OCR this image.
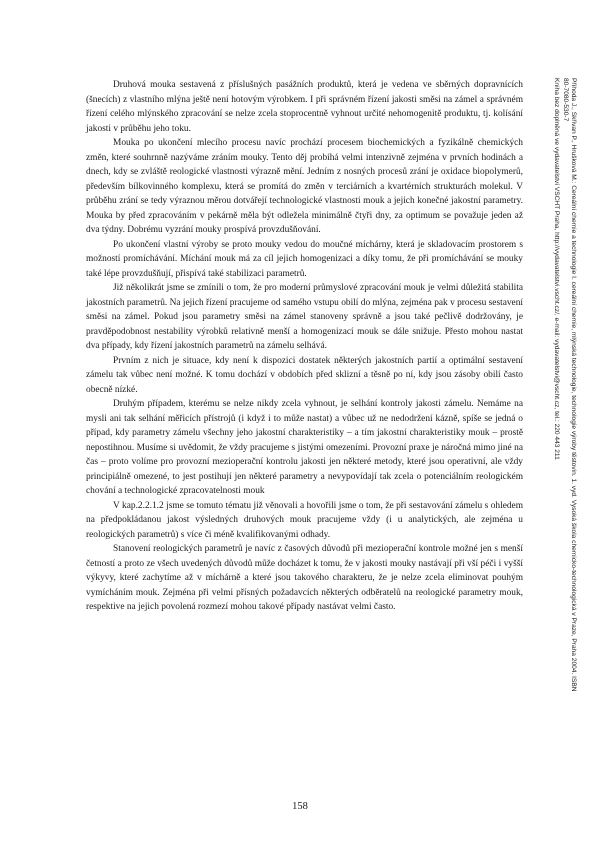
Druhová mouka sestavená z příslušných pasážních produktů, která je vedena ve sběrných dopravnících (šnecích) z vlastního mlýna ještě není hotovým výrobkem. I při správném řízení jakosti směsi na zámel a správném řízení celého mlýnského zpracování se nelze zcela stoprocentně vyhnout určité nehomogenitě produktu, tj. kolísání jakosti v průběhu jeho toku.

Mouka po ukončení mlecího procesu navíc prochází procesem biochemických a fyzikálně chemických změn, které souhrnně nazýváme zráním mouky. Tento děj probíhá velmi intenzivně zejména v prvních hodinách a dnech, kdy se zvláště reologické vlastnosti výrazně mění. Jedním z nosných procesů zrání je oxidace biopolymerů, především bílkovinného komplexu, která se promítá do změn v terciárních a kvartérních strukturách molekul. V průběhu zrání se tedy výraznou měrou dotvářejí technologické vlastnosti mouk a jejich konečné jakostní parametry. Mouka by před zpracováním v pekárně měla být odležela minimálně čtyři dny, za optimum se považuje jeden až dva týdny. Dobrému vyzrání mouky prospívá provzdušňování.

Po ukončení vlastní výroby se proto mouky vedou do moučné míchárny, která je skladovacím prostorem s možností promíchávání. Míchání mouk má za cíl jejich homogenizaci a díky tomu, že při promíchávání se mouky také lépe provzdušňují, přispívá také stabilizaci parametrů.

Již několikrát jsme se zmínili o tom, že pro moderní průmyslové zpracování mouk je velmi důležitá stabilita jakostních parametrů. Na jejich řízení pracujeme od samého vstupu obilí do mlýna, zejména pak v procesu sestavení směsi na zámel. Pokud jsou parametry směsi na zámel stanoveny správně a jsou také pečlivě dodržovány, je pravděpodobnost nestability výrobků relativně menší a homogenizací mouk se dále snižuje. Přesto mohou nastat dva případy, kdy řízení jakostních parametrů na zámelu selhává.

Prvním z nich je situace, kdy není k dispozici dostatek některých jakostních partií a optimální sestavení zámelu tak vůbec není možné. K tomu dochází v obdobích před sklizní a těsně po ní, kdy jsou zásoby obilí často obecně nízké.

Druhým případem, kterému se nelze nikdy zcela vyhnout, je selhání kontroly jakosti zámelu. Nemáme na mysli ani tak selhání měřicích přístrojů (i když i to může nastat) a vůbec už ne nedodržení kázně, spíše se jedná o případ, kdy parametry zámelu všechny jeho jakostní charakteristiky – a tím jakostní charakteristiky mouk – prostě nepostihnou. Musíme si uvědomit, že vždy pracujeme s jistými omezeními. Provozní praxe je náročná mimo jiné na čas – proto volíme pro provozní mezioperační kontrolu jakosti jen některé metody, které jsou operativní, ale vždy principiálně omezené, to jest postihují jen některé parametry a nevypovídají tak zcela o potenciálním reologickém chování a technologické zpracovatelnosti mouk

V kap.2.2.1.2 jsme se tomuto tématu již věnovali a hovořili jsme o tom, že při sestavování zámelu s ohledem na předpokládanou jakost výsledných druhových mouk pracujeme vždy (i u analytických, ale zejména u reologických parametrů) s více či méně kvalifikovanými odhady.

Stanovení reologických parametrů je navíc z časových důvodů při mezioperační kontrole možné jen s menší četností a proto ze všech uvedených důvodů může docházet k tomu, že v jakosti mouky nastávají při vší péči i vyšší výkyvy, které zachytíme až v míchárně a které jsou takového charakteru, že je nelze zcela eliminovat pouhým vymícháním mouk. Zejména při velmi přísných požadavcích některých odběratelů na reologické parametry mouk, respektive na jejich povolená rozmezí mohou takové případy nastávat velmi často.

158
Příhoda J., Skřivan P., Hrušková M.: Cereální chemie a technologie I. cereální chemie, mlýnská technologie, technologie výroby těstovin. 1. vyd. Vysoká škola chemicko-technologická v Praze, Praha 2004. ISBN
80-7080-530-7
Kniha bez doplněná ve vydavatelství VŠCHT Praha, http://vydavatelstvi.vscht.cz/, e-mail: vydavatelstvi@vscht.cz, tel.: 220 443 211
